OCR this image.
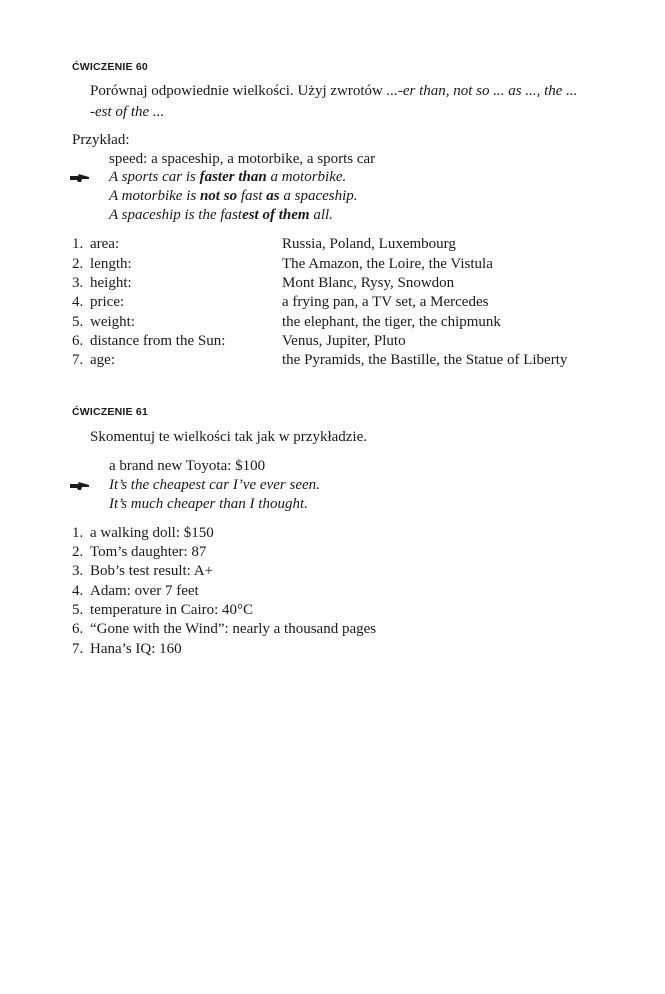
ĆWICZENIE 60
Porównaj odpowiednie wielkości. Użyj zwrotów ...-er than, not so ... as ..., the ...
-est of the ...
Przykład:
speed: a spaceship, a motorbike, a sports car
A sports car is faster than a motorbike.
A motorbike is not so fast as a spaceship.
A spaceship is the fastest of them all.
1. area:	Russia, Poland, Luxembourg
2. length:	The Amazon, the Loire, the Vistula
3. height:	Mont Blanc, Rysy, Snowdon
4. price:	a frying pan, a TV set, a Mercedes
5. weight:	the elephant, the tiger, the chipmunk
6. distance from the Sun:	Venus, Jupiter, Pluto
7. age:	the Pyramids, the Bastille, the Statue of Liberty
ĆWICZENIE 61
Skomentuj te wielkości tak jak w przykładzie.
a brand new Toyota: $100
It’s the cheapest car I’ve ever seen.
It’s much cheaper than I thought.
1. a walking doll: $150
2. Tom’s daughter: 87
3. Bob’s test result: A+
4. Adam: over 7 feet
5. temperature in Cairo: 40°C
6. “Gone with the Wind”: nearly a thousand pages
7. Hana’s IQ: 160
